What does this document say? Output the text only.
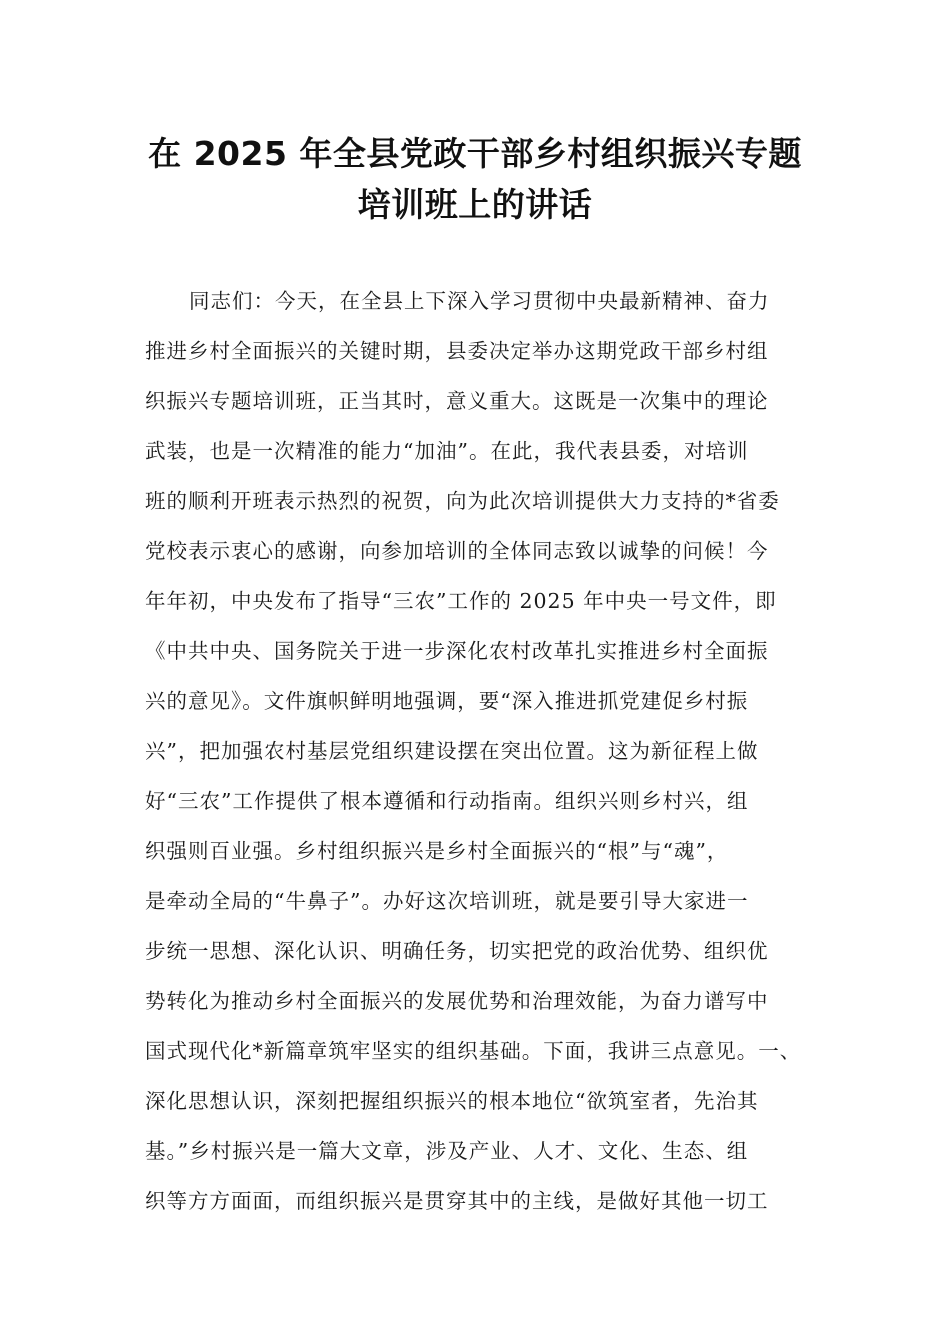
在 2025 年全县党政干部乡村组织振兴专题
培训班上的讲话
同志们：今天，在全县上下深入学习贯彻中央最新精神、奋力
推进乡村全面振兴的关键时期，县委决定举办这期党政干部乡村组
织振兴专题培训班，正当其时，意义重大。这既是一次集中的理论
武装，也是一次精准的能力“加油”。在此，我代表县委，对培训
班的顺利开班表示热烈的祝贺，向为此次培训提供大力支持的*省委
党校表示衷心的感谢，向参加培训的全体同志致以诚挚的问候！今
年年初，中央发布了指导“三农”工作的 2025 年中央一号文件，即
《中共中央、国务院关于进一步深化农村改革扎实推进乡村全面振
兴的意见》。文件旗帜鲜明地强调，要“深入推进抓党建促乡村振
兴”，把加强农村基层党组织建设摆在突出位置。这为新征程上做
好“三农”工作提供了根本遵循和行动指南。组织兴则乡村兴，组
织强则百业强。乡村组织振兴是乡村全面振兴的“根”与“魂”，
是牵动全局的“牛鼻子”。办好这次培训班，就是要引导大家进一
步统一思想、深化认识、明确任务，切实把党的政治优势、组织优
势转化为推动乡村全面振兴的发展优势和治理效能，为奋力谱写中
国式现代化*新篇章筑牢坚实的组织基础。下面，我讲三点意见。一、
深化思想认识，深刻把握组织振兴的根本地位“欲筑室者，先治其
基。”乡村振兴是一篇大文章，涉及产业、人才、文化、生态、组
织等方方面面，而组织振兴是贯穿其中的主线，是做好其他一切工
